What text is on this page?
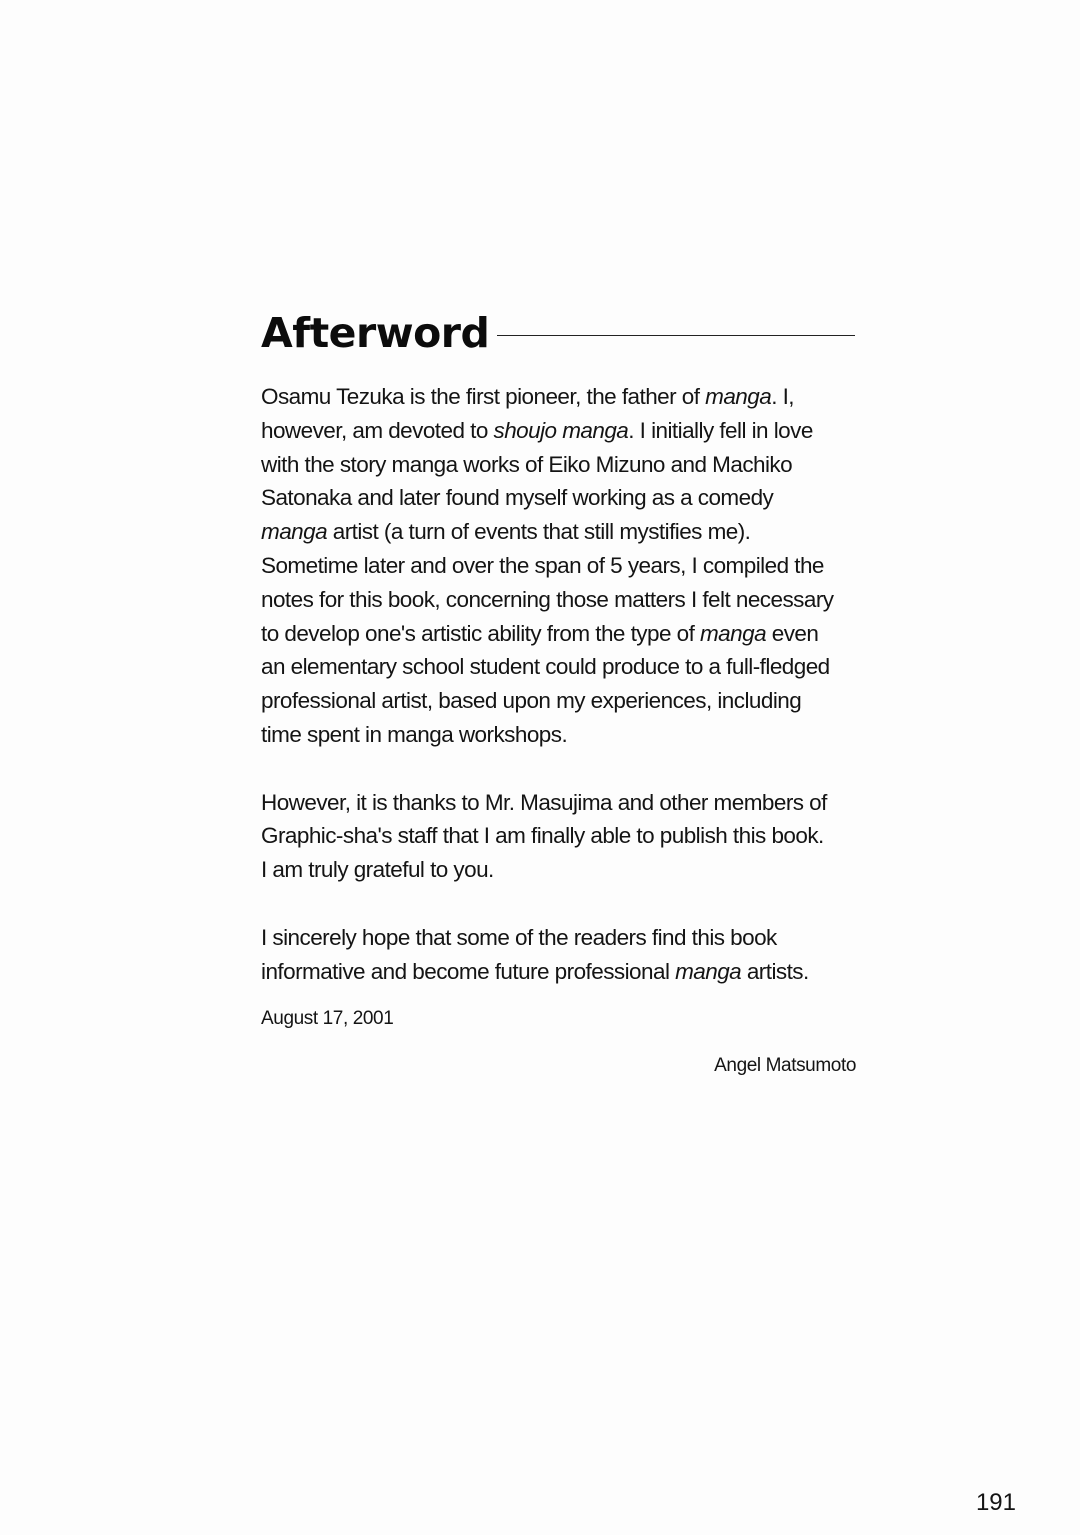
Afterword

Osamu Tezuka is the first pioneer, the father of manga. I,
however, am devoted to shoujo manga. I initially fell in love
with the story manga works of Eiko Mizuno and Machiko
Satonaka and later found myself working as a comedy
manga artist (a turn of events that still mystifies me).
Sometime later and over the span of 5 years, I compiled the
notes for this book, concerning those matters I felt necessary
to develop one's artistic ability from the type of manga even
an elementary school student could produce to a full-fledged
professional artist, based upon my experiences, including
time spent in manga workshops.

However, it is thanks to Mr. Masujima and other members of
Graphic-sha's staff that I am finally able to publish this book.
I am truly grateful to you.

I sincerely hope that some of the readers find this book
informative and become future professional manga artists.

August 17, 2001
Angel Matsumoto
191
